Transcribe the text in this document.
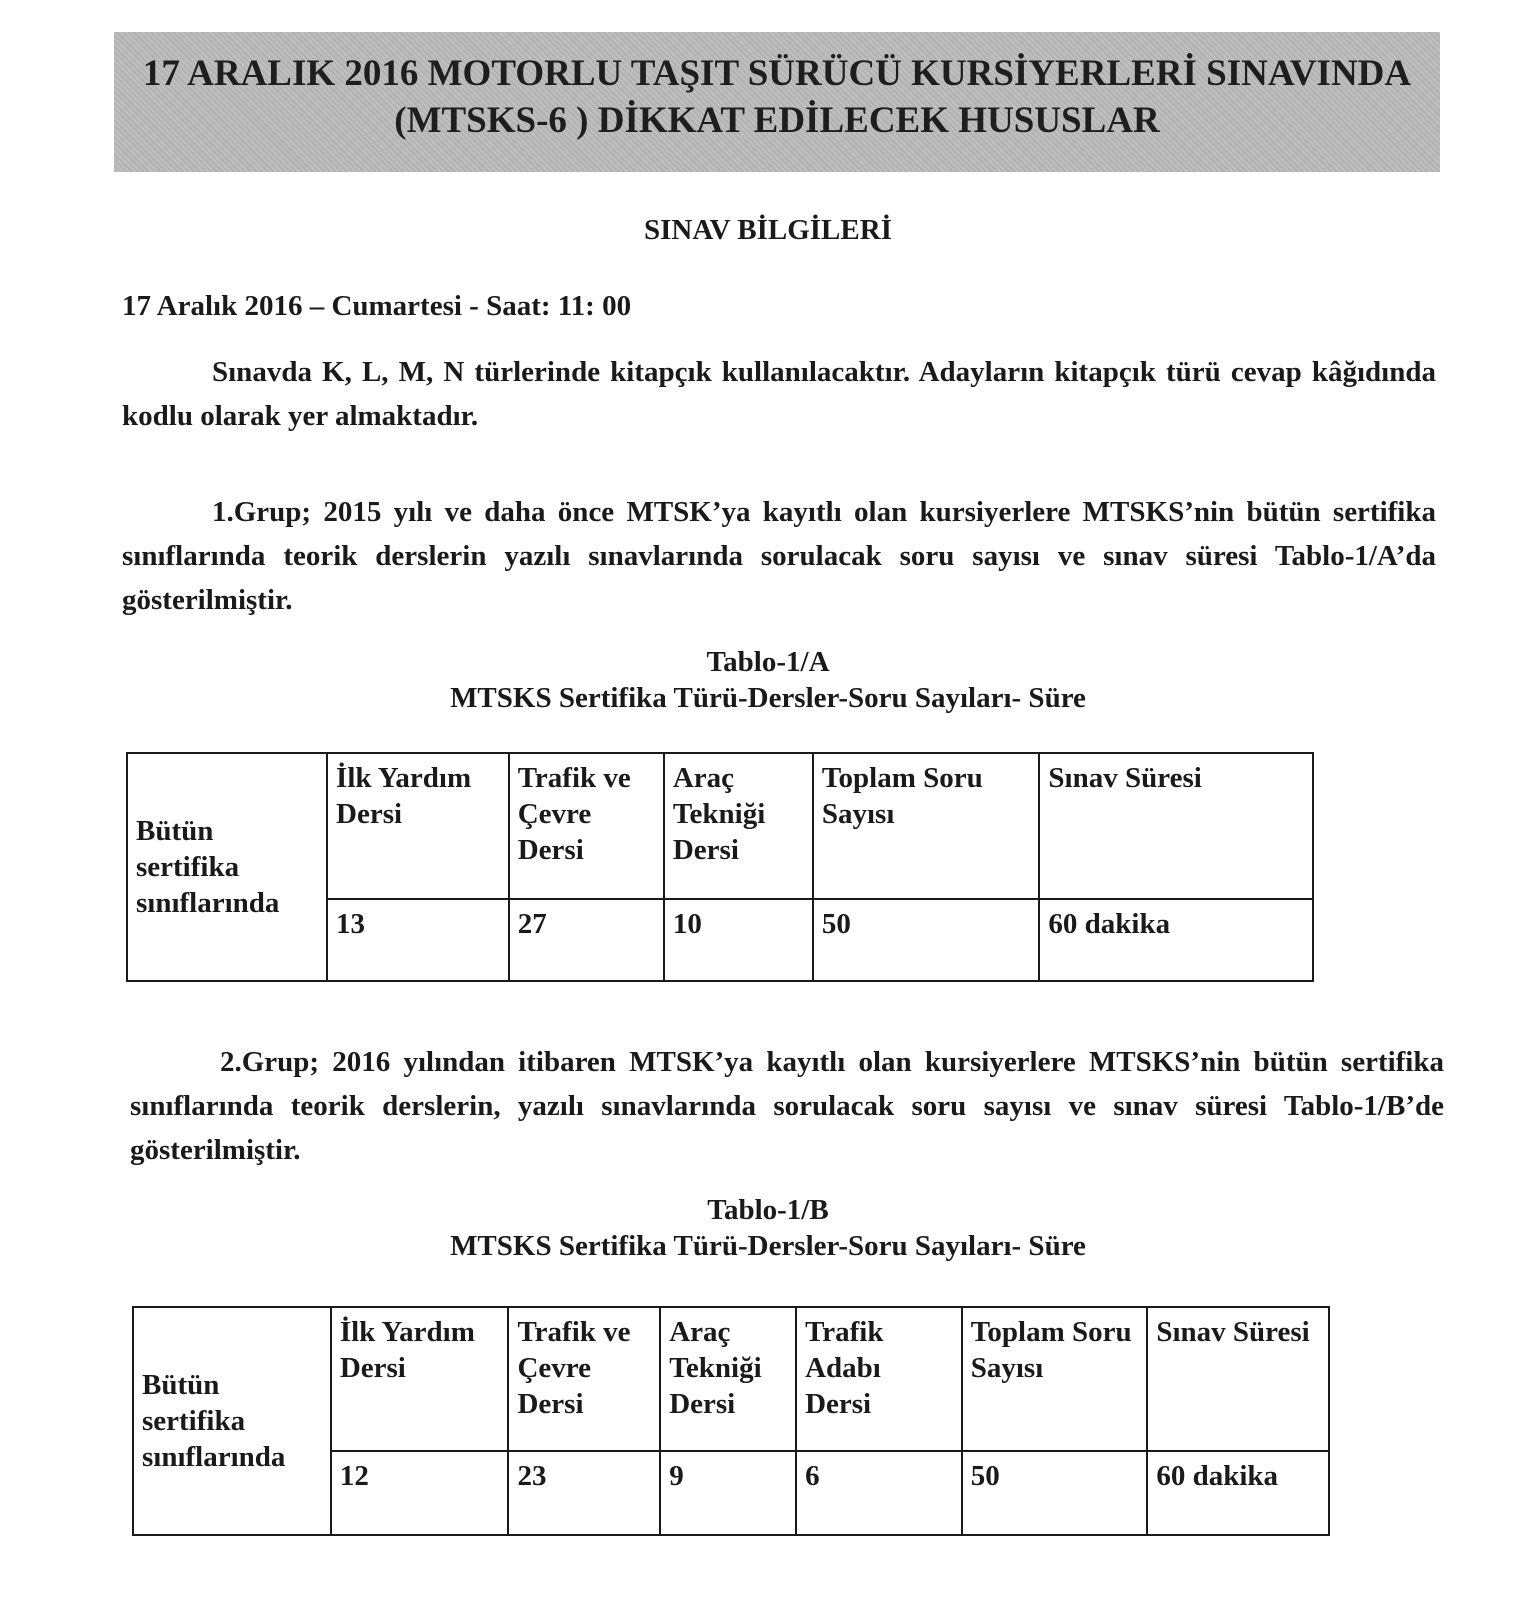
17 ARALIK 2016 MOTORLU TAŞIT SÜRÜCÜ KURSİYERLERİ SINAVINDA
(MTSKS-6 ) DİKKAT EDİLECEK HUSUSLAR
SINAV BİLGİLERİ
17 Aralık 2016 – Cumartesi - Saat: 11: 00
Sınavda K, L, M, N türlerinde kitapçık kullanılacaktır. Adayların kitapçık türü cevap kâğıdında kodlu olarak yer almaktadır.
1.Grup; 2015 yılı ve daha önce MTSK’ya kayıtlı olan kursiyerlere MTSKS’nin bütün sertifika sınıflarında teorik derslerin yazılı sınavlarında sorulacak soru sayısı ve sınav süresi Tablo-1/A’da gösterilmiştir.
Tablo-1/A
MTSKS Sertifika Türü-Dersler-Soru Sayıları- Süre
Bütün sertifika sınıflarında	İlk Yardım Dersi	Trafik ve Çevre Dersi	Araç Tekniği Dersi	Toplam Soru Sayısı	Sınav Süresi
	13	27	10	50	60 dakika
2.Grup; 2016 yılından itibaren MTSK’ya kayıtlı olan kursiyerlere MTSKS’nin bütün sertifika sınıflarında teorik derslerin, yazılı sınavlarında sorulacak soru sayısı ve sınav süresi Tablo-1/B’de gösterilmiştir.
Tablo-1/B
MTSKS Sertifika Türü-Dersler-Soru Sayıları- Süre
Bütün sertifika sınıflarında	İlk Yardım Dersi	Trafik ve Çevre Dersi	Araç Tekniği Dersi	Trafik Adabı Dersi	Toplam Soru Sayısı	Sınav Süresi
	12	23	9	6	50	60 dakika
